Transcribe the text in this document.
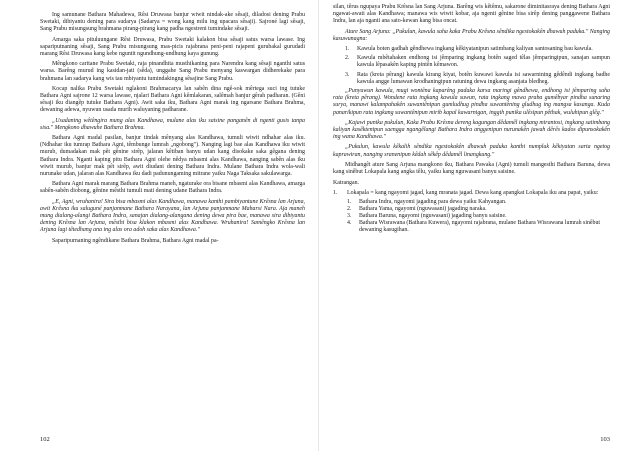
Ing samunane Bathara Mahadewa, Rêsi Druwasa banjur wiwit nindak-ake sêsaji, diladosi dening Prabu Swetaki, dibiyantu dening para sudarya (Sadarya = wong kang milu ing upacara sêsaji). Sajroné lagi sêsaji, Sang Prabu misungsung brahmana pirang-pirang kang padha ngestreni tumindake sêsaji.

Amarga saka pituluungane Rêsi Druwasa, Prabu Swetaki kalakon bisa sêsaji satus warsa lawase. Ing sapariputnaning sêsaji, Sang Prabu misungsung mas-picis rajabrana peni-peni rajapeni gurubakal gurudadi marang Rêsi Druwasa kang kebe nguntit ngundhung-undhung kaya gunung.

Mêngkono caritane Prabu Swetaki, raja pinandhita musthikaning para Narendra kang sêsaji nganthi satus warsa. Barêng murud ing kasidan-jati (sêda), unggahe Sang Prabu menyang kaswargan didherekake para brahmana lan sadarya kang wis tau mbiyantu tumindakingng sêsajine Sang Prabu.

Kocap nalika Prabu Swetaki nglakoni Brahmacarya lan sabên dina ngê-sok mêrtega suci ing tutuke Bathara Agni sajrone 12 warsa lawase, njalari Bathara Agni kêmlakaran, salêmah banjur gêrah padharan. (Gêni sêsaji iku diangêp tutuke Bathara Agni). Awit saka iku, Bathara Agni marak ing ngarsane Bathara Brahma, dewaning adewa, nyuwun usada murih waluyaning padharane.

„Usadaning wêtêngira mung alas Kandhawa, mulane alas iku saisine panganên di ngenti gusis tanpa sisa." Mengkono dhawuhe Bathara Brahma.

Bathara Agni madal pasilan, banjur tindak mênyang alas Kandhawa, tumuli wiwit ndhahar alas iku. (Ndhahar iku tumrap Bathara Agni, têmbunge lumrah „ngobong"). Nanging lagi bae alas Kandhawa iku wiwit murub, dumadakan mak pêt gênine sirêp, jalaran kêtiban banyu udan kang disokake saka gêgana dening Bathara Indra. Nganti kaping pitu Bathara Agni olehe nêdya mbasmi alas Kandhawa, nanging sabên alas iku wiwit murub, banjur mak pêt sirêp, awit diudani dening Bathara Indra. Mulane Bathara Indra wola-wali nurunake udan, jalaran alas Kandhawa iku dadi padunungaming mitrane yaiku Naga Taksaka sakulawarga.

Bathara Agni marak marang Bathara Brahma maneh, ngaturake ora bisane mbasmi alas Kandhawa, amarga sabên-sabên diobong, gênine mêsthi tumuli mati dening udane Bathara Indra.

„E, Agni, wruhanira! Sira bisa mbasmi alas Kandhawa, manawa kanthi pambiyantune Krêsna lan Arjuna, awit Krêsna iku saluguné panjanmane Bathara Narayana, lan Arjuna panjanmane Maharsi Nara. Aja maneh mung dialang-alangi Bathara Indra, sanajan dialang-alangana dening dewa pira bae, manawa sira dibiyantu dening Krêsna lan Arjuna, mêsthi bisa klakon mbasmi alas Kandhawa. Wruhanira! Samêngko Krêsna lan Arjuna lagi têtedhang ana ing alas ora adoh saka alas Kandhawa."

Saparipurnaning ngêndikane Bathara Brahma, Bathara Agni madal pa-

102

silan, têrus ngupaya Prabu Krêsna lan Sang Arjuna. Barêng wis kêtêmu, sakarone diminitasraya dening Bathara Agni ngawat-awati alas Kandhawa; manawa wis wiwit kobar, aja ngenti gênine bisa sirêp dening panggawene Bathara Indra, lan aja nganti ana sato-kewan kang bisa oncat.

Ature Sang Arjuna: „Pukulun, kawula saha kaka Prabu Krêsna sêndika ngestokakên dhawuh paduka." Nanging kasuwunagna:

1.	Kawula boten gadhah gêndhewa ingkang kêkiyatanipun satimbang kaliyan santosaning bau kawula.
2.	Kawula mbêtahaken endhong isi jêmparing ingkang botên saged têlas jêmparingipun, sanajan sampun kawula lêpasakên kaping pintên kêmawon.
3.	Rata (kreta pêrang) kawula kirang kiyat, botên kuwawi kawula isi sawarnining gêdêndi ingkang badhe kawula angge lumawan krodhaningipun ratuning dewa ingkang asanjata bledheg.

„Punyuwun kawula, mugi wontêna kaparêng paduka karsa maringi gêndhewa, endhong isi jêmparing saha rata (kreta pêrang). Wondene rata ingkang kawula suwun, rata ingkang mawa praba gumêbyar pindha sunaring surya, manawi kalampahakên suwantênipun gumludhug pindha suwantêning gludhug ing mangsa kasanga. Kuda panarikipun rata ingkang suwantênipun mirib kapal kawarnigan, inggih punika ulêsipun pêthak, wuluhipun glêg."

„Kajawi punika pukulun, Kaka Prabu Krêsna dereng kagungan dêdamêl ingkang mirantosi, ingkang satimbang kaliyan kasêktenipun saengga ngangêlangi Bathara Indra anggenipun nurunakên jawah dêrês kados dipunsokakên ing wana Kandhawa."

„Pukulun, kawula kêkalih sêndika ngestokakên dhawuh paduka kanthi numpluk kêkiyatan sarta ngetog kaprawiran, nanging sranenipun kêdah sêkêp dêdamêl linangkung."

Midhangêt ature Sang Arjuna mangkono iku, Bathara Pawaka (Agni) tumuli mangesthi Bathara Baruna, dewa kang sinêbut Lokapala kang angka têlu, yaiku kang nguwasani banyu saisine.

Katrangan.

1.	Lokapala = kang ngayomi jagad, kang mranata jagad. Dewa kang apangkat Lokapala iku ana papat, yaiku:
1.	Bathara Indra, ngayomi jagading para dewa yaiku Kahyangan.
2.	Bathara Yama, ngayomi (nguwasani) jagading naraka.
3.	Bathara Baruna, ngayomi (nguwasani) jagading banyu saisine.
4.	Bathara Wisrawana (Bathara Kuwera), ngayomi rajabrana, mulane Bathara Wisrawana lumrah sinêbut dewaning kasugihan.
103
